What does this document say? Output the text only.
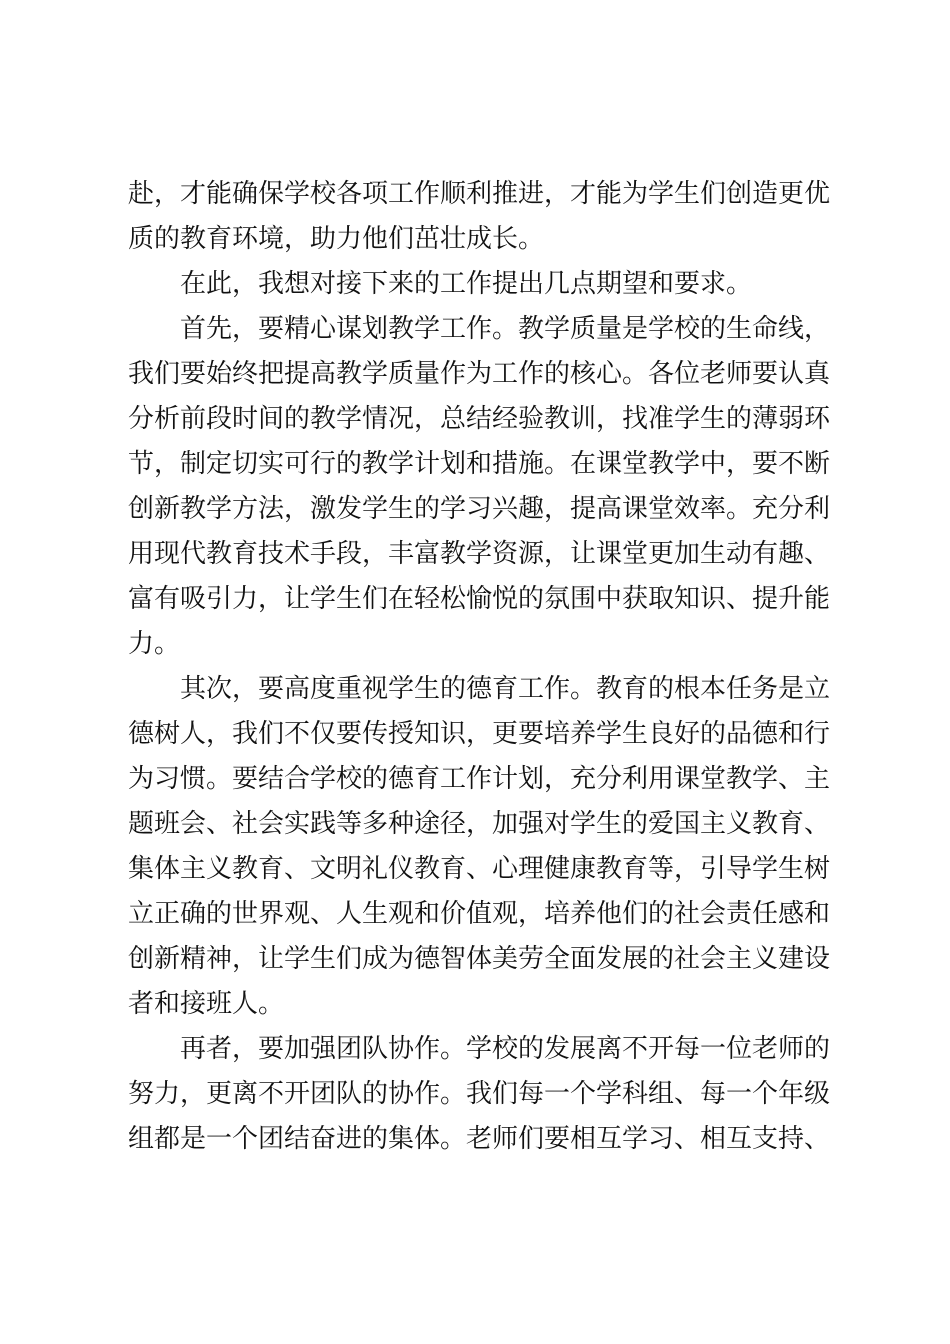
赴，才能确保学校各项工作顺利推进，才能为学生们创造更优质的教育环境，助力他们茁壮成长。

在此，我想对接下来的工作提出几点期望和要求。

首先，要精心谋划教学工作。教学质量是学校的生命线，我们要始终把提高教学质量作为工作的核心。各位老师要认真分析前段时间的教学情况，总结经验教训，找准学生的薄弱环节，制定切实可行的教学计划和措施。在课堂教学中，要不断创新教学方法，激发学生的学习兴趣，提高课堂效率。充分利用现代教育技术手段，丰富教学资源，让课堂更加生动有趣、富有吸引力，让学生们在轻松愉悦的氛围中获取知识、提升能力。

其次，要高度重视学生的德育工作。教育的根本任务是立德树人，我们不仅要传授知识，更要培养学生良好的品德和行为习惯。要结合学校的德育工作计划，充分利用课堂教学、主题班会、社会实践等多种途径，加强对学生的爱国主义教育、集体主义教育、文明礼仪教育、心理健康教育等，引导学生树立正确的世界观、人生观和价值观，培养他们的社会责任感和创新精神，让学生们成为德智体美劳全面发展的社会主义建设者和接班人。

再者，要加强团队协作。学校的发展离不开每一位老师的努力，更离不开团队的协作。我们每一个学科组、每一个年级组都是一个团结奋进的集体。老师们要相互学习、相互支持、
